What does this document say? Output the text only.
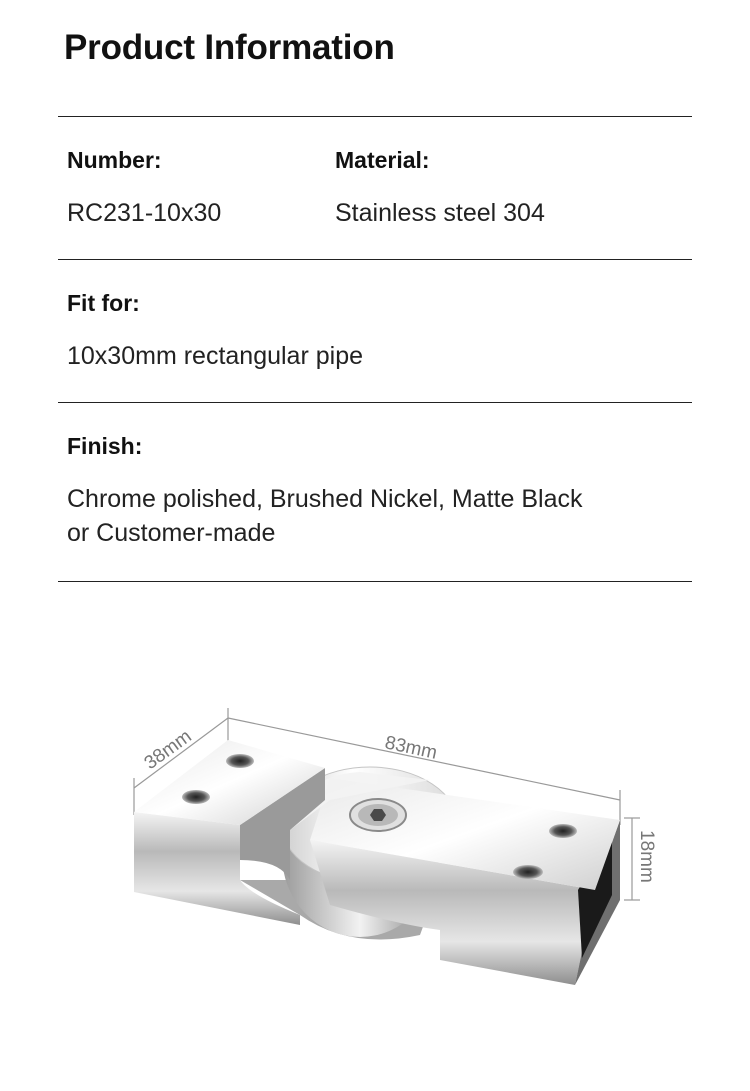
Product Information
Number:
RC231-10x30
Material:
Stainless steel 304
Fit for:
10x30mm rectangular pipe
Finish:
Chrome polished, Brushed Nickel, Matte Black
or Customer-made
83mm
38mm
18mm
